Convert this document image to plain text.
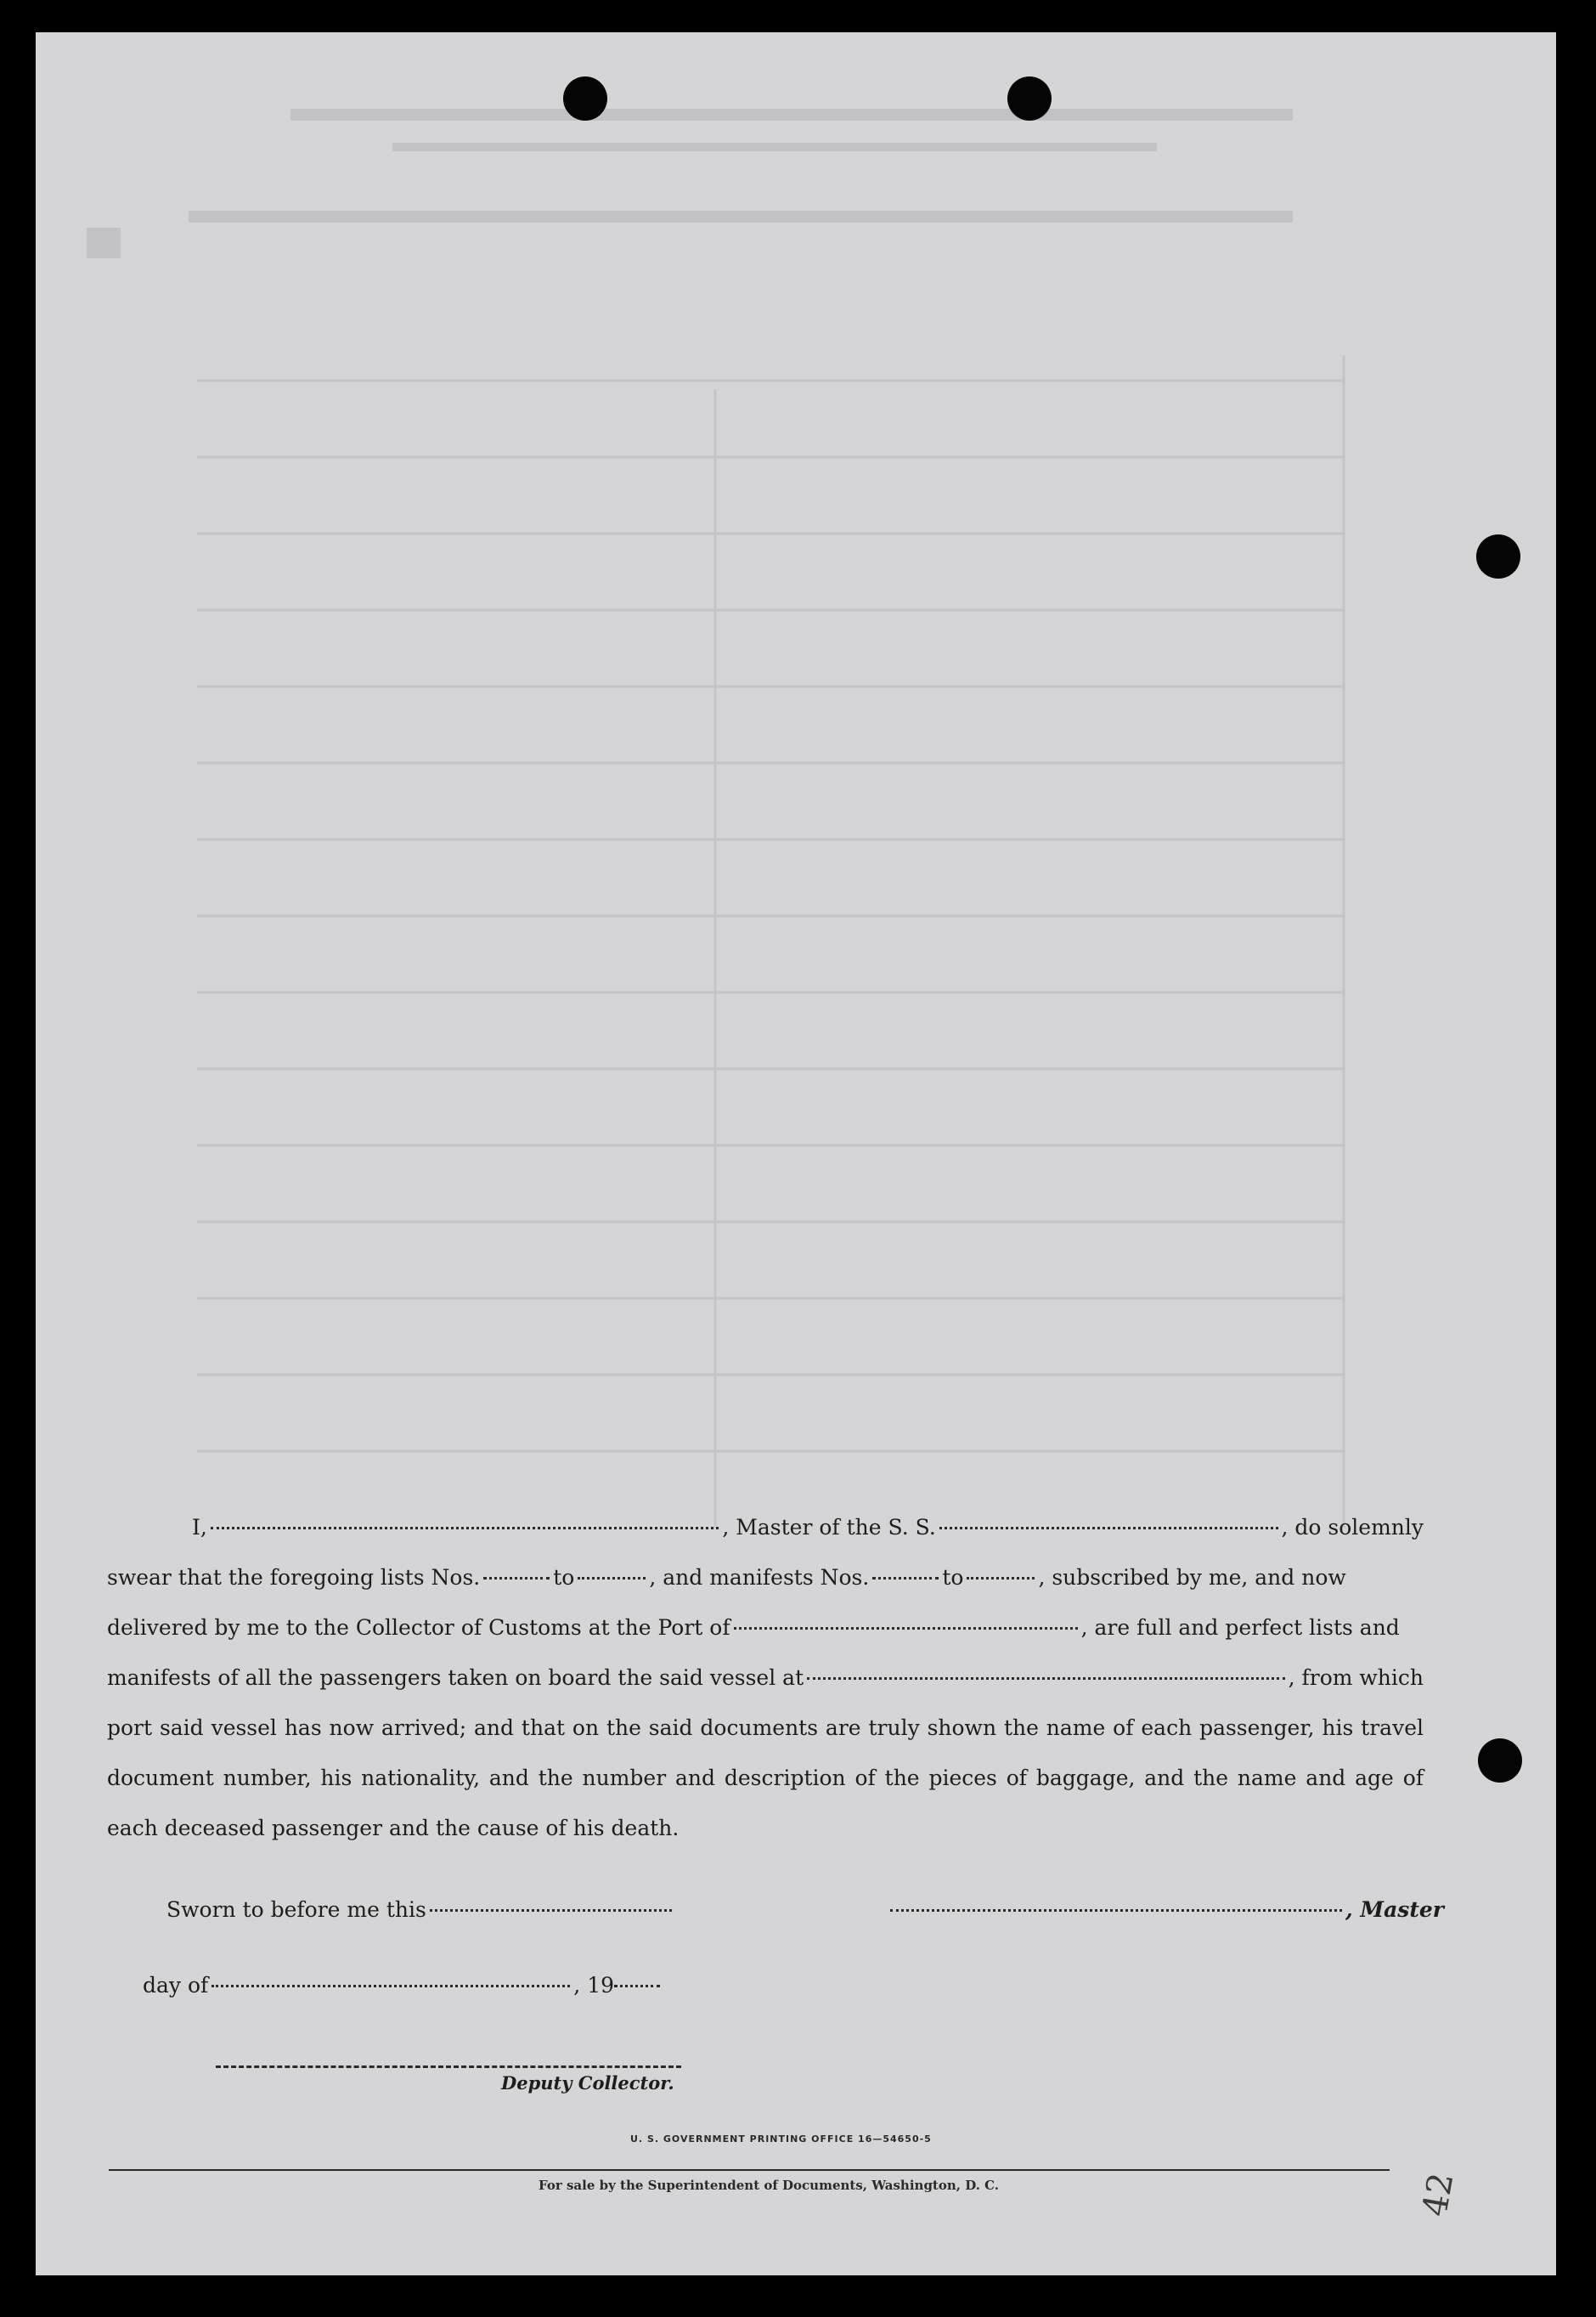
I,	, Master of the S. S.	, do solemnly
swear that the foregoing lists Nos.	to	, and manifests Nos.	to	, subscribed by me, and now
delivered by me to the Collector of Customs at the Port of	, are full and perfect lists and
manifests of all the passengers taken on board the said vessel at	, from which
port said vessel has now arrived; and that on the said documents are truly shown the name of each passenger, his travel
document number, his nationality, and the number and description of the pieces of baggage, and the name and age of
each deceased passenger and the cause of his death.
Sworn to before me this	, Master
day of	, 19
Deputy Collector.
U. S. GOVERNMENT PRINTING OFFICE 16—54650-5
For sale by the Superintendent of Documents, Washington, D. C.	42
